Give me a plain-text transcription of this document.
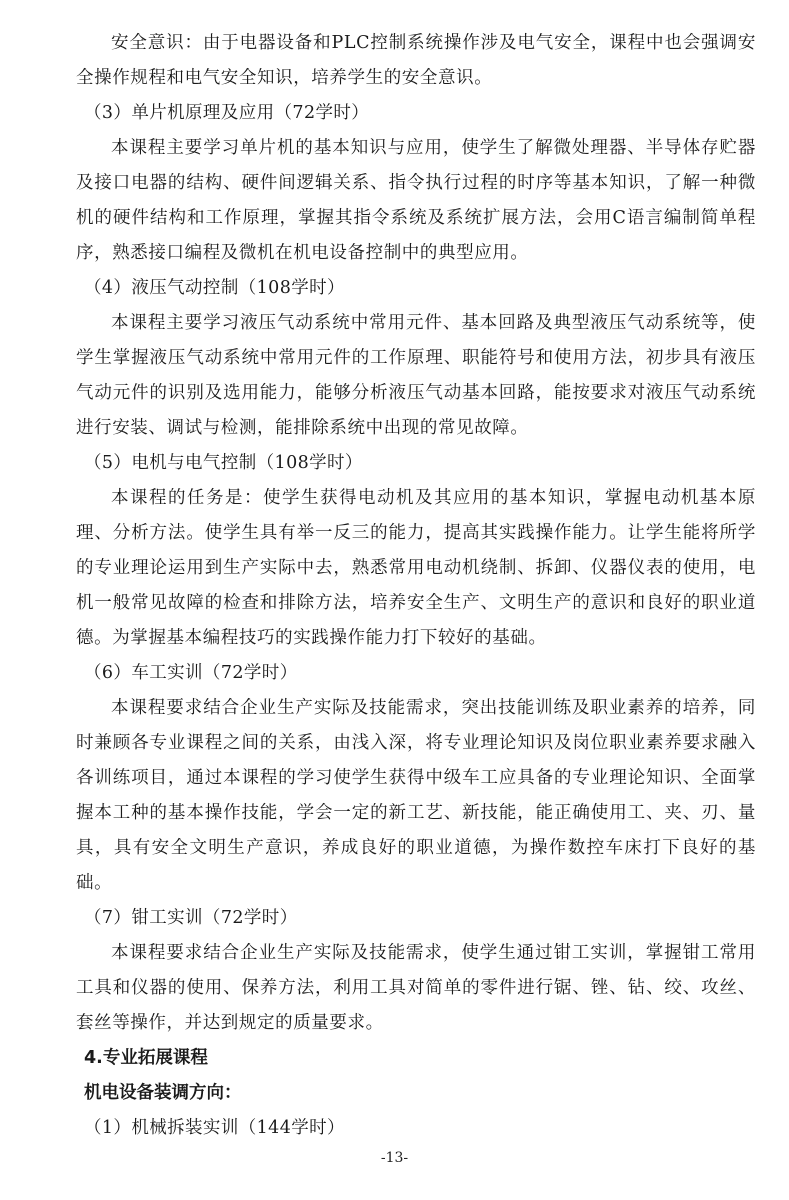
安全意识：由于电器设备和PLC控制系统操作涉及电气安全，课程中也会强调安全操作规程和电气安全知识，培养学生的安全意识。

（3）单片机原理及应用（72学时）

本课程主要学习单片机的基本知识与应用，使学生了解微处理器、半导体存贮器及接口电器的结构、硬件间逻辑关系、指令执行过程的时序等基本知识，了解一种微机的硬件结构和工作原理，掌握其指令系统及系统扩展方法，会用C语言编制简单程序，熟悉接口编程及微机在机电设备控制中的典型应用。

（4）液压气动控制（108学时）

本课程主要学习液压气动系统中常用元件、基本回路及典型液压气动系统等，使学生掌握液压气动系统中常用元件的工作原理、职能符号和使用方法，初步具有液压气动元件的识别及选用能力，能够分析液压气动基本回路，能按要求对液压气动系统进行安装、调试与检测，能排除系统中出现的常见故障。

（5）电机与电气控制（108学时）

本课程的任务是：使学生获得电动机及其应用的基本知识，掌握电动机基本原理、分析方法。使学生具有举一反三的能力，提高其实践操作能力。让学生能将所学的专业理论运用到生产实际中去，熟悉常用电动机绕制、拆卸、仪器仪表的使用，电机一般常见故障的检查和排除方法，培养安全生产、文明生产的意识和良好的职业道德。为掌握基本编程技巧的实践操作能力打下较好的基础。

（6）车工实训（72学时）

本课程要求结合企业生产实际及技能需求，突出技能训练及职业素养的培养，同时兼顾各专业课程之间的关系，由浅入深，将专业理论知识及岗位职业素养要求融入各训练项目，通过本课程的学习使学生获得中级车工应具备的专业理论知识、全面掌握本工种的基本操作技能，学会一定的新工艺、新技能，能正确使用工、夹、刃、量具，具有安全文明生产意识，养成良好的职业道德，为操作数控车床打下良好的基础。

（7）钳工实训（72学时）

本课程要求结合企业生产实际及技能需求，使学生通过钳工实训，掌握钳工常用工具和仪器的使用、保养方法，利用工具对简单的零件进行锯、锉、钻、绞、攻丝、套丝等操作，并达到规定的质量要求。

4.专业拓展课程

机电设备装调方向：

（1）机械拆装实训（144学时）

-13-
